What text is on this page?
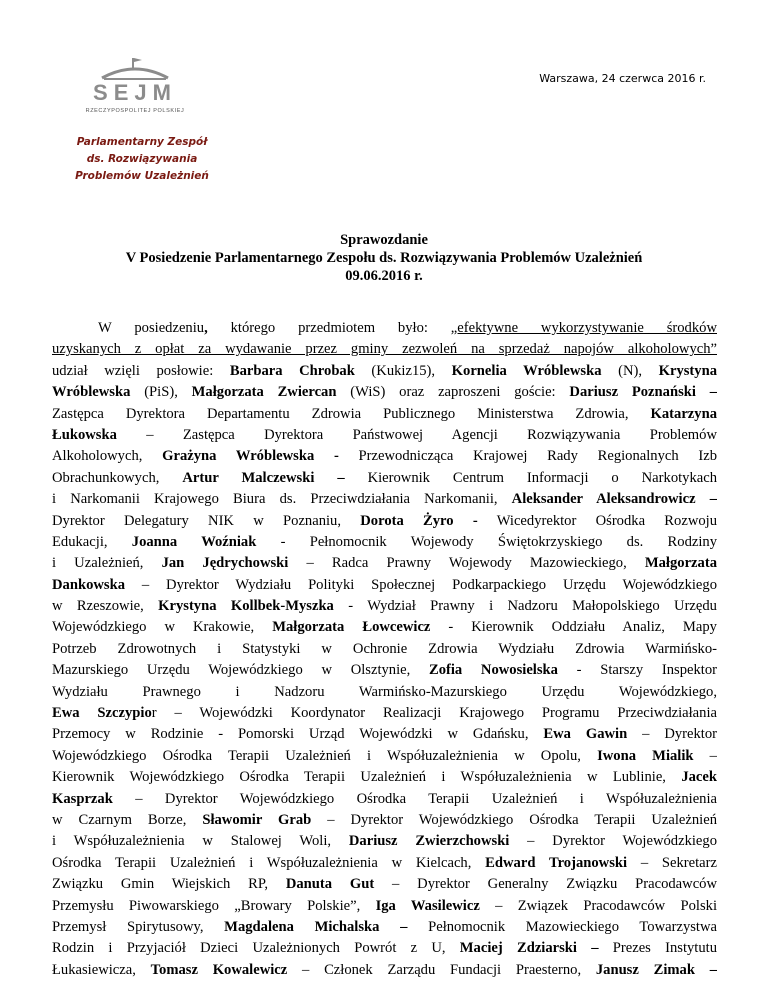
SEJM
RZECZYPOSPOLITEJ POLSKIEJ
Warszawa, 24 czerwca 2016 r.
Parlamentarny Zespół
ds. Rozwiązywania
Problemów Uzależnień
Sprawozdanie
V Posiedzenie Parlamentarnego Zespołu ds. Rozwiązywania Problemów Uzależnień
09.06.2016 r.
W posiedzeniu, którego przedmiotem było: „efektywne wykorzystywanie środków
uzyskanych z opłat za wydawanie przez gminy zezwoleń na sprzedaż napojów alkoholowych”
udział wzięli posłowie: Barbara Chrobak (Kukiz15), Kornelia Wróblewska (N), Krystyna
Wróblewska (PiS), Małgorzata Zwiercan (WiS) oraz zaproszeni goście: Dariusz Poznański –
Zastępca Dyrektora Departamentu Zdrowia Publicznego Ministerstwa Zdrowia, Katarzyna
Łukowska – Zastępca Dyrektora Państwowej Agencji Rozwiązywania Problemów
Alkoholowych, Grażyna Wróblewska - Przewodnicząca Krajowej Rady Regionalnych Izb
Obrachunkowych, Artur Malczewski – Kierownik Centrum Informacji o Narkotykach
i Narkomanii Krajowego Biura ds. Przeciwdziałania Narkomanii, Aleksander Aleksandrowicz –
Dyrektor Delegatury NIK w Poznaniu, Dorota Żyro - Wicedyrektor Ośrodka Rozwoju
Edukacji, Joanna Woźniak - Pełnomocnik Wojewody Świętokrzyskiego ds. Rodziny
i Uzależnień, Jan Jędrychowski – Radca Prawny Wojewody Mazowieckiego, Małgorzata
Dankowska – Dyrektor Wydziału Polityki Społecznej Podkarpackiego Urzędu Wojewódzkiego
w Rzeszowie, Krystyna Kollbek-Myszka - Wydział Prawny i Nadzoru Małopolskiego Urzędu
Wojewódzkiego w Krakowie, Małgorzata Łowcewicz - Kierownik Oddziału Analiz, Mapy
Potrzeb Zdrowotnych i Statystyki w Ochronie Zdrowia Wydziału Zdrowia Warmińsko-
Mazurskiego Urzędu Wojewódzkiego w Olsztynie, Zofia Nowosielska - Starszy Inspektor
Wydziału Prawnego i Nadzoru Warmińsko-Mazurskiego Urzędu Wojewódzkiego,
Ewa Szczypior – Wojewódzki Koordynator Realizacji Krajowego Programu Przeciwdziałania
Przemocy w Rodzinie - Pomorski Urząd Wojewódzki w Gdańsku, Ewa Gawin – Dyrektor
Wojewódzkiego Ośrodka Terapii Uzależnień i Współuzależnienia w Opolu, Iwona Mialik –
Kierownik Wojewódzkiego Ośrodka Terapii Uzależnień i Współuzależnienia w Lublinie, Jacek
Kasprzak – Dyrektor Wojewódzkiego Ośrodka Terapii Uzależnień i Współuzależnienia
w Czarnym Borze, Sławomir Grab – Dyrektor Wojewódzkiego Ośrodka Terapii Uzależnień
i Współuzależnienia w Stalowej Woli, Dariusz Zwierzchowski – Dyrektor Wojewódzkiego
Ośrodka Terapii Uzależnień i Współuzależnienia w Kielcach, Edward Trojanowski – Sekretarz
Związku Gmin Wiejskich RP, Danuta Gut – Dyrektor Generalny Związku Pracodawców
Przemysłu Piwowarskiego „Browary Polskie”, Iga Wasilewicz – Związek Pracodawców Polski
Przemysł Spirytusowy, Magdalena Michalska – Pełnomocnik Mazowieckiego Towarzystwa
Rodzin i Przyjaciół Dzieci Uzależnionych Powrót z U, Maciej Zdziarski – Prezes Instytutu
Łukasiewicza, Tomasz Kowalewicz – Członek Zarządu Fundacji Praesterno, Janusz Zimak –
